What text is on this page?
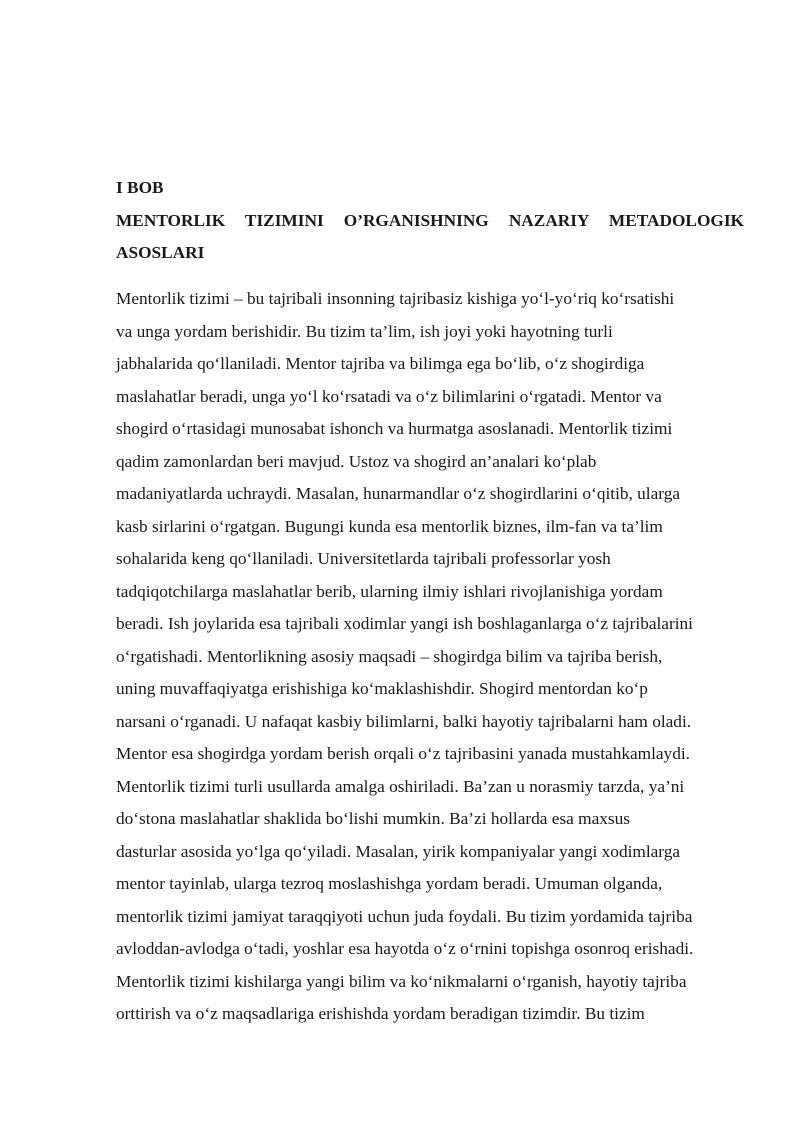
I BOB
MENTORLIK TIZIMINI O’RGANISHNING NAZARIY METADOLOGIK
ASOSLARI
Mentorlik tizimi – bu tajribali insonning tajribasiz kishiga yoʻl-yoʻriq koʻrsatishi
va unga yordam berishidir. Bu tizim ta’lim, ish joyi yoki hayotning turli
jabhalarida qoʻllaniladi. Mentor tajriba va bilimga ega boʻlib, oʻz shogirdiga
maslahatlar beradi, unga yoʻl koʻrsatadi va oʻz bilimlarini oʻrgatadi. Mentor va
shogird oʻrtasidagi munosabat ishonch va hurmatga asoslanadi. Mentorlik tizimi
qadim zamonlardan beri mavjud. Ustoz va shogird an’analari koʻplab
madaniyatlarda uchraydi. Masalan, hunarmandlar oʻz shogirdlarini oʻqitib, ularga
kasb sirlarini oʻrgatgan. Bugungi kunda esa mentorlik biznes, ilm-fan va ta’lim
sohalarida keng qoʻllaniladi. Universitetlarda tajribali professorlar yosh
tadqiqotchilarga maslahatlar berib, ularning ilmiy ishlari rivojlanishiga yordam
beradi. Ish joylarida esa tajribali xodimlar yangi ish boshlaganlarga oʻz tajribalarini
oʻrgatishadi. Mentorlikning asosiy maqsadi – shogirdga bilim va tajriba berish,
uning muvaffaqiyatga erishishiga koʻmaklashishdir. Shogird mentordan koʻp
narsani oʻrganadi. U nafaqat kasbiy bilimlarni, balki hayotiy tajribalarni ham oladi.
Mentor esa shogirdga yordam berish orqali oʻz tajribasini yanada mustahkamlaydi.
Mentorlik tizimi turli usullarda amalga oshiriladi. Ba’zan u norasmiy tarzda, ya’ni
doʻstona maslahatlar shaklida boʻlishi mumkin. Ba’zi hollarda esa maxsus
dasturlar asosida yoʻlga qoʻyiladi. Masalan, yirik kompaniyalar yangi xodimlarga
mentor tayinlab, ularga tezroq moslashishga yordam beradi. Umuman olganda,
mentorlik tizimi jamiyat taraqqiyoti uchun juda foydali. Bu tizim yordamida tajriba
avloddan-avlodga oʻtadi, yoshlar esa hayotda oʻz oʻrnini topishga osonroq erishadi.
Mentorlik tizimi kishilarga yangi bilim va koʻnikmalarni oʻrganish, hayotiy tajriba
orttirish va oʻz maqsadlariga erishishda yordam beradigan tizimdir. Bu tizim
